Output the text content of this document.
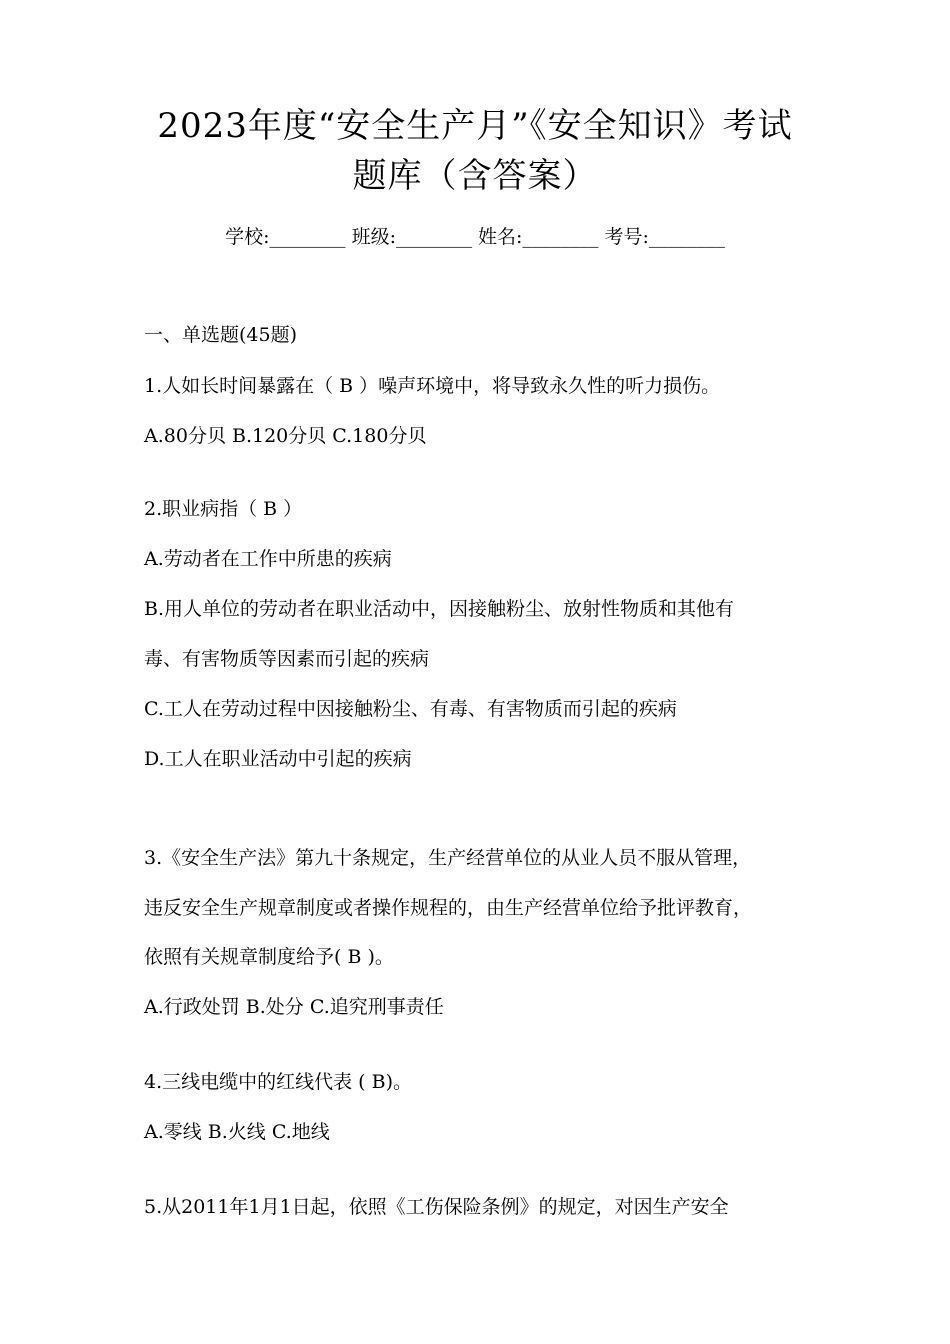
2023年度“安全生产月”《安全知识》考试
题库（含答案）
学校:________ 班级:________ 姓名:________ 考号:________
一、单选题(45题)
1.人如长时间暴露在（ B ）噪声环境中，将导致永久性的听力损伤。
A.80分贝 B.120分贝 C.180分贝
2.职业病指（ B ）
A.劳动者在工作中所患的疾病
B.用人单位的劳动者在职业活动中，因接触粉尘、放射性物质和其他有
毒、有害物质等因素而引起的疾病
C.工人在劳动过程中因接触粉尘、有毒、有害物质而引起的疾病
D.工人在职业活动中引起的疾病
3.《安全生产法》第九十条规定，生产经营单位的从业人员不服从管理，
违反安全生产规章制度或者操作规程的，由生产经营单位给予批评教育，
依照有关规章制度给予( B )。
A.行政处罚 B.处分 C.追究刑事责任
4.三线电缆中的红线代表 ( B)。
A.零线 B.火线 C.地线
5.从2011年1月1日起，依照《工伤保险条例》的规定，对因生产安全
